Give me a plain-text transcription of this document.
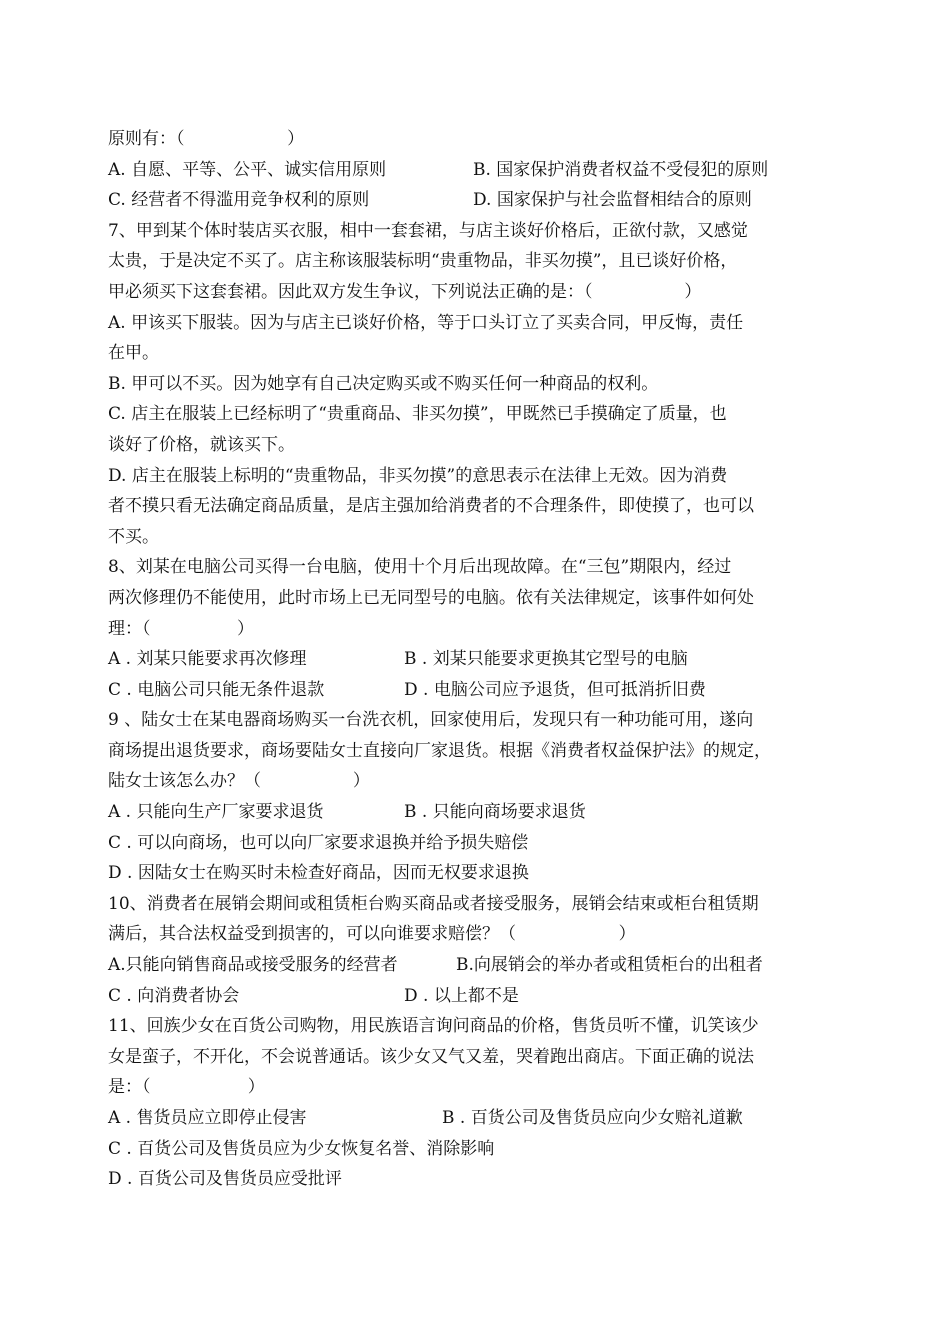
原则有：（                   ）
A. 自愿、平等、公平、诚实信用原则	B. 国家保护消费者权益不受侵犯的原则
C. 经营者不得滥用竞争权利的原则	D. 国家保护与社会监督相结合的原则
7、甲到某个体时装店买衣服，相中一套套裙，与店主谈好价格后，正欲付款，又感觉
太贵，于是决定不买了。店主称该服装标明“贵重物品，非买勿摸”，且已谈好价格，
甲必须买下这套套裙。因此双方发生争议，下列说法正确的是：（                 ）
A. 甲该买下服装。因为与店主已谈好价格，等于口头订立了买卖合同，甲反悔，责任
在甲。
B. 甲可以不买。因为她享有自己决定购买或不购买任何一种商品的权利。
C. 店主在服装上已经标明了“贵重商品、非买勿摸”，甲既然已手摸确定了质量，也
谈好了价格，就该买下。
D. 店主在服装上标明的“贵重物品，非买勿摸”的意思表示在法律上无效。因为消费
者不摸只看无法确定商品质量，是店主强加给消费者的不合理条件，即使摸了，也可以
不买。
8、刘某在电脑公司买得一台电脑，使用十个月后出现故障。在“三包”期限内，经过
两次修理仍不能使用，此时市场上已无同型号的电脑。依有关法律规定，该事件如何处
理：（                ）
A . 刘某只能要求再次修理	B . 刘某只能要求更换其它型号的电脑
C . 电脑公司只能无条件退款	D . 电脑公司应予退货，但可抵消折旧费
9 、陆女士在某电器商场购买一台洗衣机，回家使用后，发现只有一种功能可用，遂向
商场提出退货要求，商场要陆女士直接向厂家退货。根据《消费者权益保护法》的规定，
陆女士该怎么办？（                 ）
A . 只能向生产厂家要求退货	B . 只能向商场要求退货
C . 可以向商场，也可以向厂家要求退换并给予损失赔偿
D . 因陆女士在购买时未检查好商品，因而无权要求退换
10、消费者在展销会期间或租赁柜台购买商品或者接受服务，展销会结束或柜台租赁期
满后，其合法权益受到损害的，可以向谁要求赔偿？（                   ）
A.只能向销售商品或接受服务的经营者	B.向展销会的举办者或租赁柜台的出租者
C . 向消费者协会	D . 以上都不是
11、回族少女在百货公司购物，用民族语言询问商品的价格，售货员听不懂，讥笑该少
女是蛮子，不开化，不会说普通话。该少女又气又羞，哭着跑出商店。下面正确的说法
是：（                  ）
A . 售货员应立即停止侵害	B . 百货公司及售货员应向少女赔礼道歉
C . 百货公司及售货员应为少女恢复名誉、消除影响
D . 百货公司及售货员应受批评
